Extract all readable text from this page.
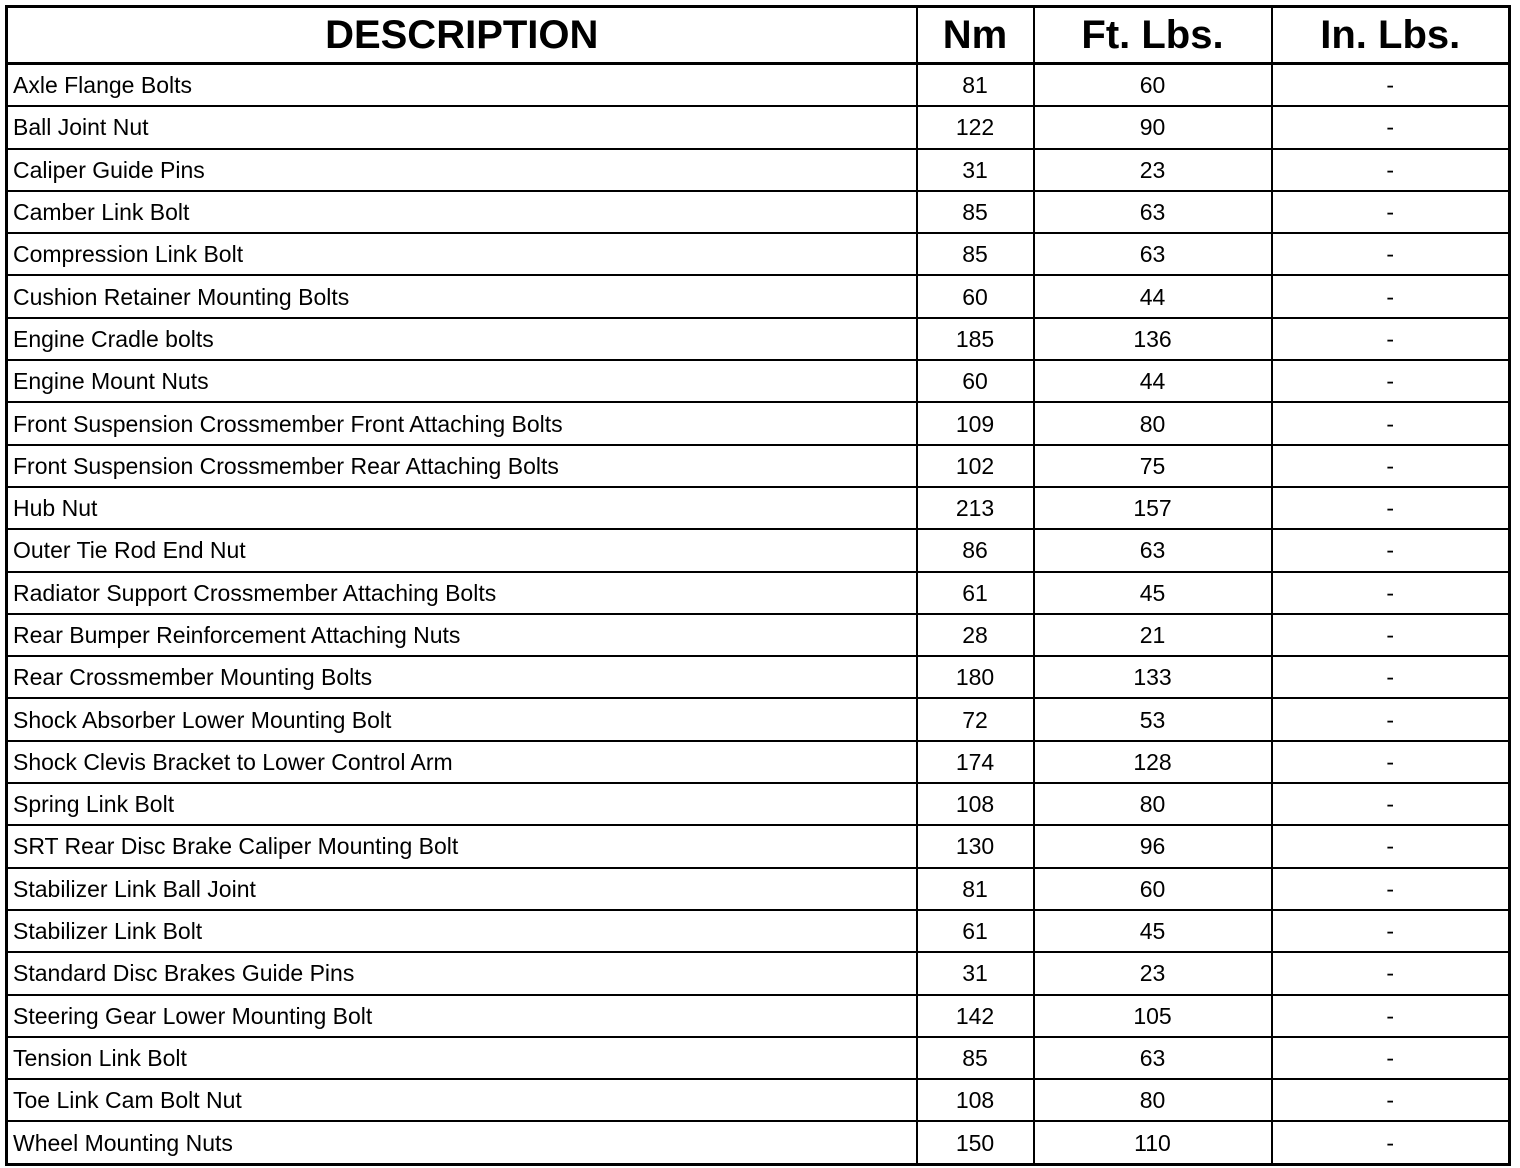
DESCRIPTION	Nm	Ft. Lbs.	In. Lbs.
Axle Flange Bolts	81	60	-
Ball Joint Nut	122	90	-
Caliper Guide Pins	31	23	-
Camber Link Bolt	85	63	-
Compression Link Bolt	85	63	-
Cushion Retainer Mounting Bolts	60	44	-
Engine Cradle bolts	185	136	-
Engine Mount Nuts	60	44	-
Front Suspension Crossmember Front Attaching Bolts	109	80	-
Front Suspension Crossmember Rear Attaching Bolts	102	75	-
Hub Nut	213	157	-
Outer Tie Rod End Nut	86	63	-
Radiator Support Crossmember Attaching Bolts	61	45	-
Rear Bumper Reinforcement Attaching Nuts	28	21	-
Rear Crossmember Mounting Bolts	180	133	-
Shock Absorber Lower Mounting Bolt	72	53	-
Shock Clevis Bracket to Lower Control Arm	174	128	-
Spring Link Bolt	108	80	-
SRT Rear Disc Brake Caliper Mounting Bolt	130	96	-
Stabilizer Link Ball Joint	81	60	-
Stabilizer Link Bolt	61	45	-
Standard Disc Brakes Guide Pins	31	23	-
Steering Gear Lower Mounting Bolt	142	105	-
Tension Link Bolt	85	63	-
Toe Link Cam Bolt Nut	108	80	-
Wheel Mounting Nuts	150	110	-
